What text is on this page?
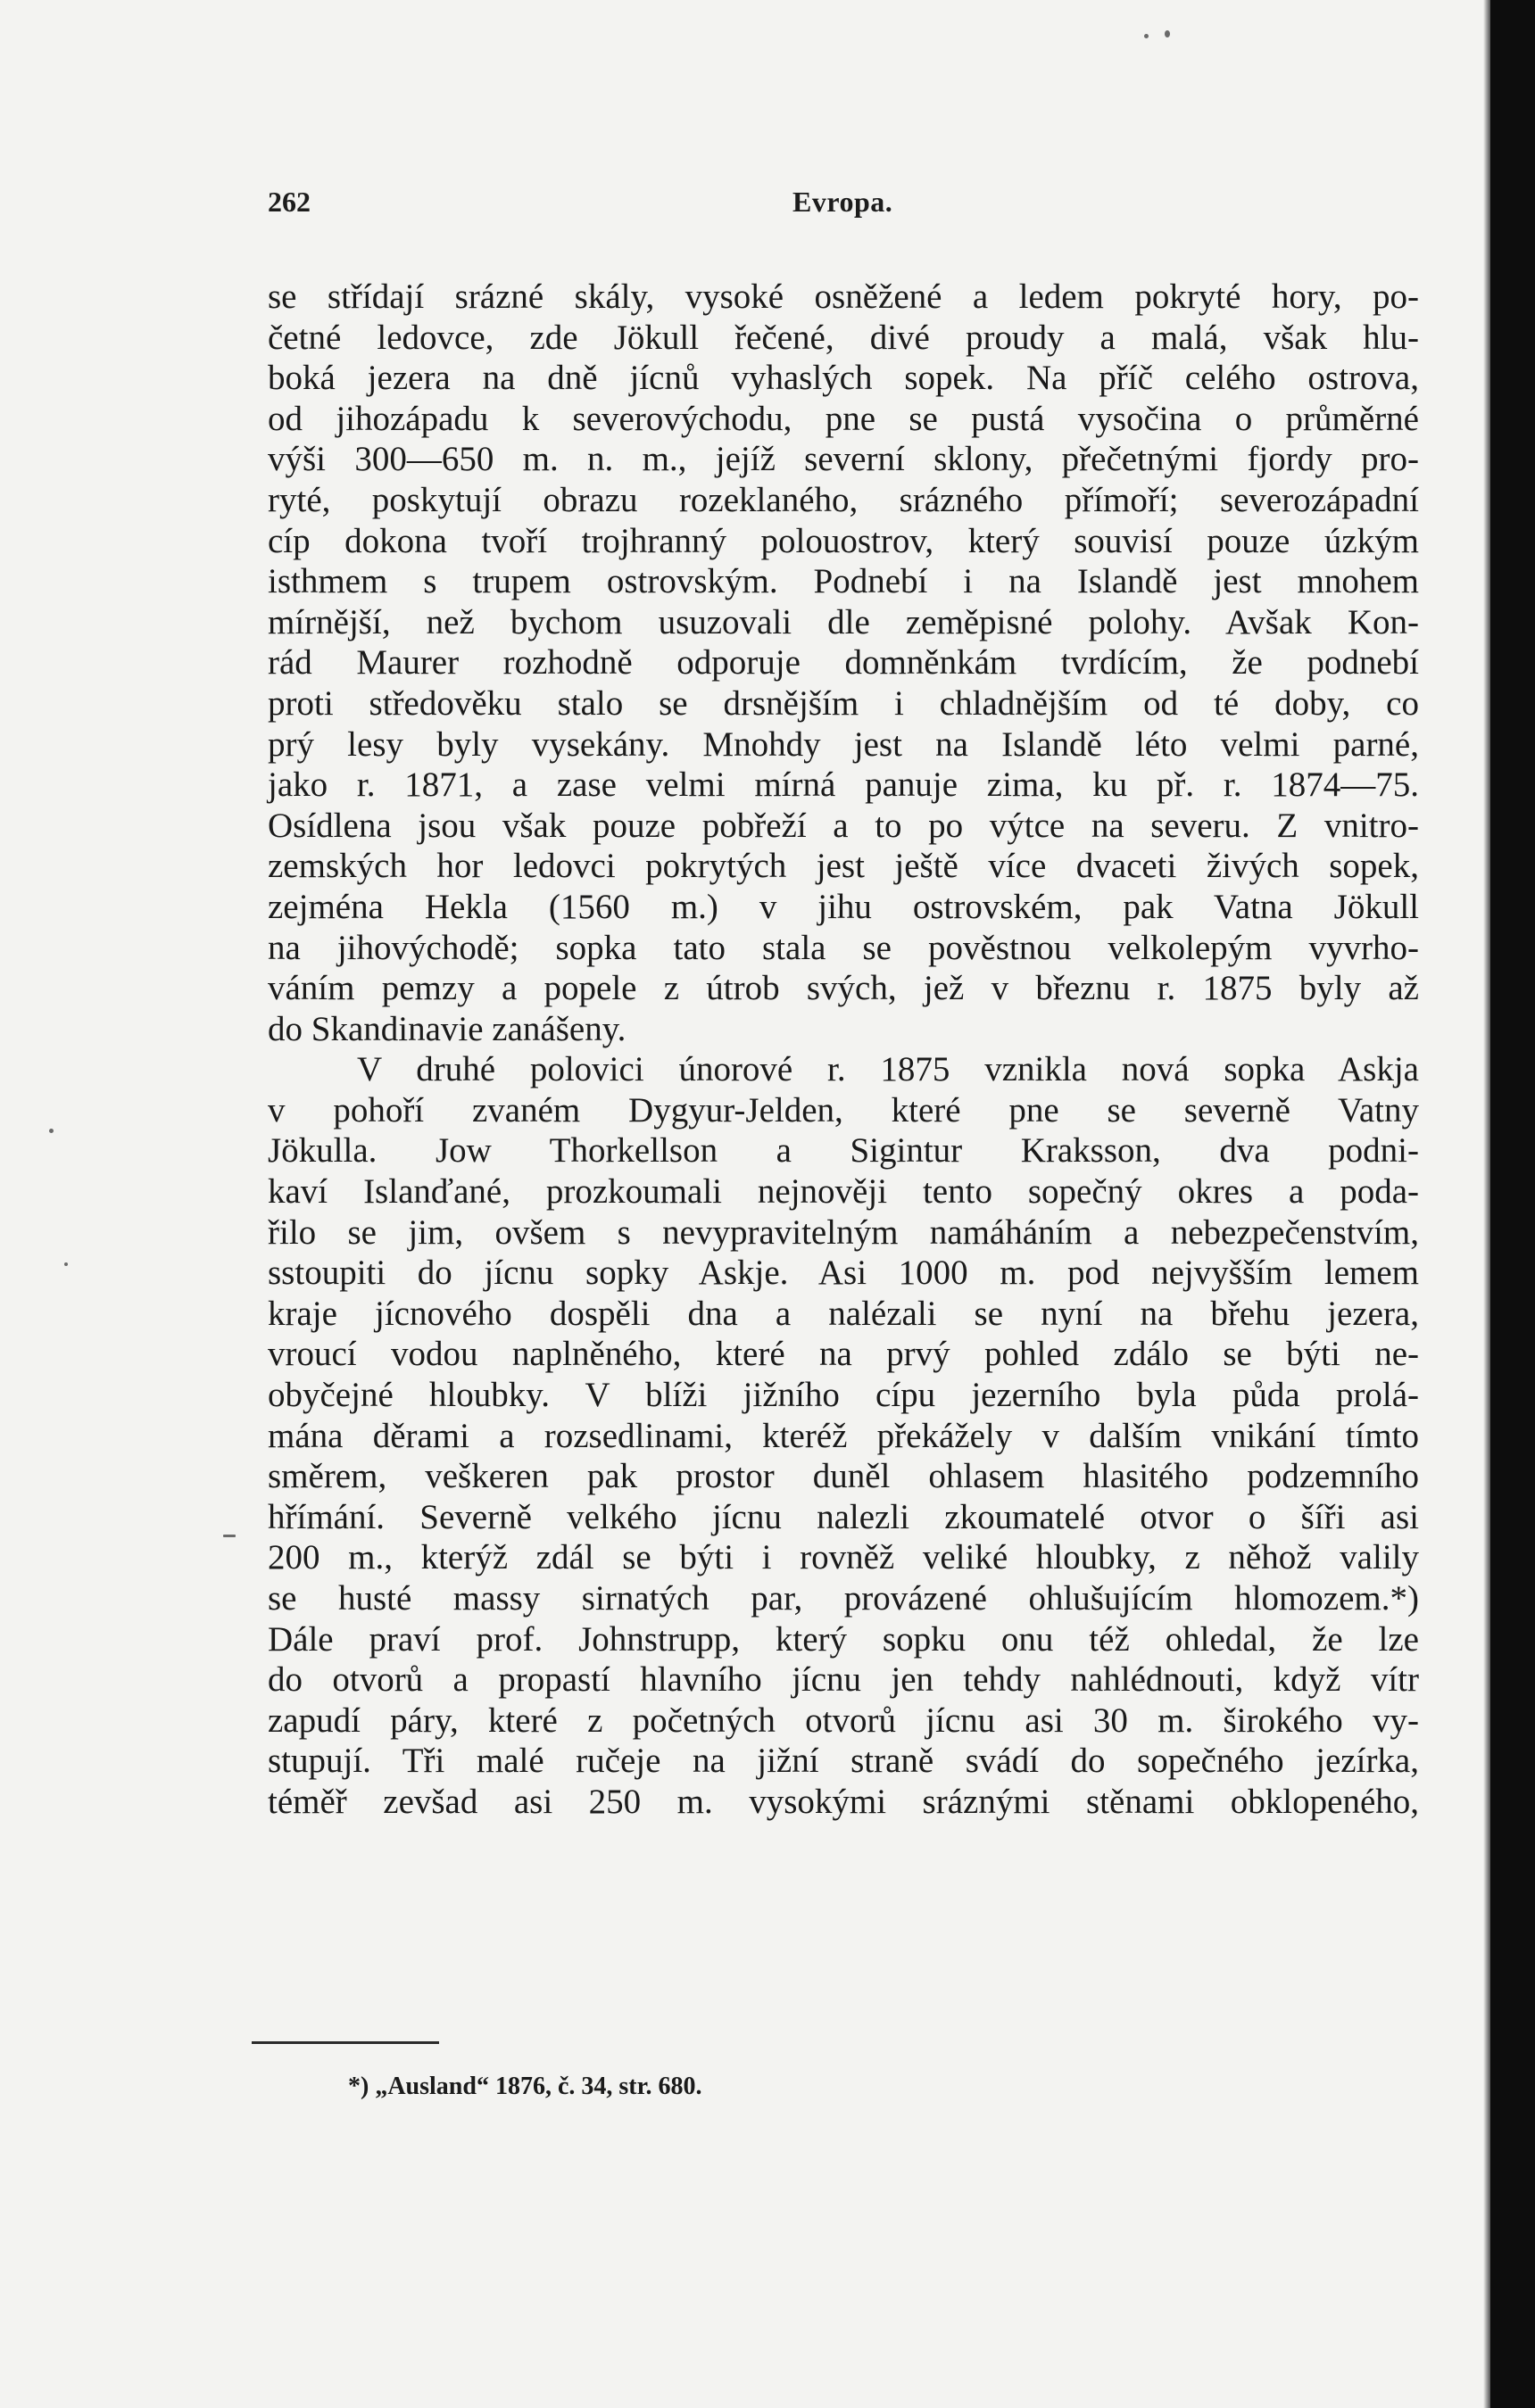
262	Evropa.
se střídají srázné skály, vysoké osněžené a ledem pokryté hory, po-
četné ledovce, zde Jökull řečené, divé proudy a malá, však hlu-
boká jezera na dně jícnů vyhaslých sopek. Na příč celého ostrova,
od jihozápadu k severovýchodu, pne se pustá vysočina o průměrné
výši 300—650 m. n. m., jejíž severní sklony, přečetnými fjordy pro-
ryté, poskytují obrazu rozeklaného, srázného přímoří; severozápadní
cíp dokona tvoří trojhranný polouostrov, který souvisí pouze úzkým
isthmem s trupem ostrovským. Podnebí i na Islandě jest mnohem
mírnější, než bychom usuzovali dle zeměpisné polohy. Avšak Kon-
rád Maurer rozhodně odporuje domněnkám tvrdícím, že podnebí
proti středověku stalo se drsnějším i chladnějším od té doby, co
prý lesy byly vysekány. Mnohdy jest na Islandě léto velmi parné,
jako r. 1871, a zase velmi mírná panuje zima, ku př. r. 1874—75.
Osídlena jsou však pouze pobřeží a to po výtce na severu. Z vnitro-
zemských hor ledovci pokrytých jest ještě více dvaceti živých sopek,
zejména Hekla (1560 m.) v jihu ostrovském, pak Vatna Jökull
na jihovýchodě; sopka tato stala se pověstnou velkolepým vyvrho-
váním pemzy a popele z útrob svých, jež v březnu r. 1875 byly až
do Skandinavie zanášeny.
V druhé polovici únorové r. 1875 vznikla nová sopka Askja
v pohoří zvaném Dygyur-Jelden, které pne se severně Vatny
Jökulla. Jow Thorkellson a Sigintur Kraksson, dva podni-
kaví Islanďané, prozkoumali nejnověji tento sopečný okres a poda-
řilo se jim, ovšem s nevypravitelným namáháním a nebezpečenstvím,
sstoupiti do jícnu sopky Askje. Asi 1000 m. pod nejvyšším lemem
kraje jícnového dospěli dna a nalézali se nyní na břehu jezera,
vroucí vodou naplněného, které na prvý pohled zdálo se býti ne-
obyčejné hloubky. V blíži jižního cípu jezerního byla půda prolá-
mána děrami a rozsedlinami, kteréž překážely v dalším vnikání tímto
směrem, veškeren pak prostor duněl ohlasem hlasitého podzemního
hřímání. Severně velkého jícnu nalezli zkoumatelé otvor o šíři asi
200 m., kterýž zdál se býti i rovněž veliké hloubky, z něhož valily
se husté massy sirnatých par, provázené ohlušujícím hlomozem.*)
Dále praví prof. Johnstrupp, který sopku onu též ohledal, že lze
do otvorů a propastí hlavního jícnu jen tehdy nahlédnouti, když vítr
zapudí páry, které z početných otvorů jícnu asi 30 m. širokého vy-
stupují. Tři malé ručeje na jižní straně svádí do sopečného jezírka,
téměř zevšad asi 250 m. vysokými sráznými stěnami obklopeného,
*) „Ausland“ 1876, č. 34, str. 680.
